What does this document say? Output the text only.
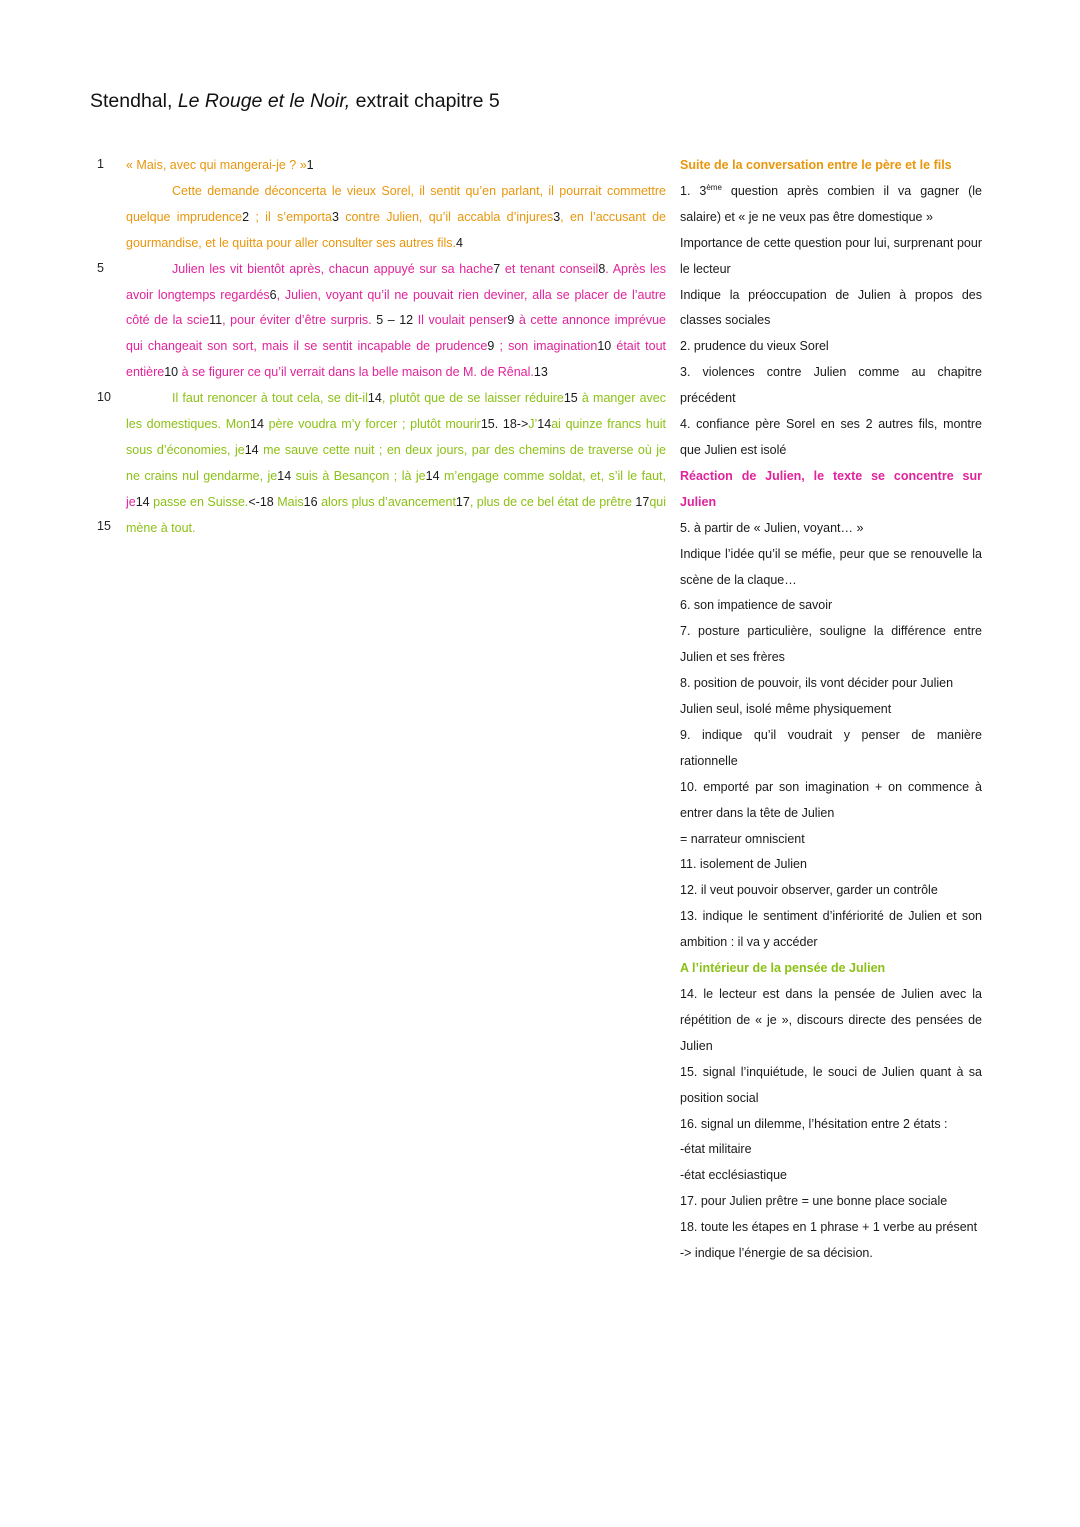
Stendhal, Le Rouge et le Noir, extrait chapitre 5
1
5
10
15

« Mais, avec qui mangerai-je ? »1

Cette demande déconcerta le vieux Sorel, il sentit qu’en parlant, il pourrait commettre quelque imprudence2 ; il s’emporta3 contre Julien, qu’il accabla d’injures3, en l’accusant de gourmandise, et le quitta pour aller consulter ses autres fils.4

Julien les vit bientôt après, chacun appuyé sur sa hache7 et tenant conseil8. Après les avoir longtemps regardés6, Julien, voyant qu’il ne pouvait rien deviner, alla se placer de l’autre côté de la scie11, pour éviter d’être surpris. 5 – 12 Il voulait penser9 à cette annonce imprévue qui changeait son sort, mais il se sentit incapable de prudence9 ; son imagination10 était tout entière10 à se figurer ce qu’il verrait dans la belle maison de M. de Rênal.13

Il faut renoncer à tout cela, se dit-il14, plutôt que de se laisser réduire15 à manger avec les domestiques. Mon14 père voudra m’y forcer ; plutôt mourir15. 18->J’14ai quinze francs huit sous d’économies, je14 me sauve cette nuit ; en deux jours, par des chemins de traverse où je ne crains nul gendarme, je14 suis à Besançon ; là je14 m’engage comme soldat, et, s’il le faut, je14 passe en Suisse.<-18 Mais16 alors plus d’avancement17, plus de ce bel état de prêtre 17qui mène à tout.

Suite de la conversation entre le père et le fils

1. 3ème question après combien il va gagner (le salaire) et « je ne veux pas être domestique »

Importance de cette question pour lui, surprenant pour le lecteur

Indique la préoccupation de Julien à propos des classes sociales

2. prudence du vieux Sorel

3. violences contre Julien comme au chapitre précédent

4. confiance père Sorel en ses 2 autres fils, montre que Julien est isolé

Réaction de Julien, le texte se concentre sur Julien

5. à partir de « Julien, voyant… »

Indique l’idée qu’il se méfie, peur que se renouvelle la scène de la claque…

6. son impatience de savoir

7. posture particulière, souligne la différence entre Julien et ses frères

8. position de pouvoir, ils vont décider pour Julien

Julien seul, isolé même physiquement

9. indique qu’il voudrait y penser de manière rationnelle

10. emporté par son imagination + on commence à entrer dans la tête de Julien

= narrateur omniscient

11. isolement de Julien

12. il veut pouvoir observer, garder un contrôle

13. indique le sentiment d’infériorité de Julien et son ambition : il va y accéder

A l’intérieur de la pensée de Julien

14. le lecteur est dans la pensée de Julien avec la répétition de « je », discours directe des pensées de Julien

15. signal l’inquiétude, le souci de Julien quant à sa position social

16. signal un dilemme, l’hésitation entre 2 états :

-état militaire

-état ecclésiastique

17. pour Julien prêtre = une bonne place sociale

18. toute les étapes en 1 phrase + 1 verbe au présent

-> indique l’énergie de sa décision.
